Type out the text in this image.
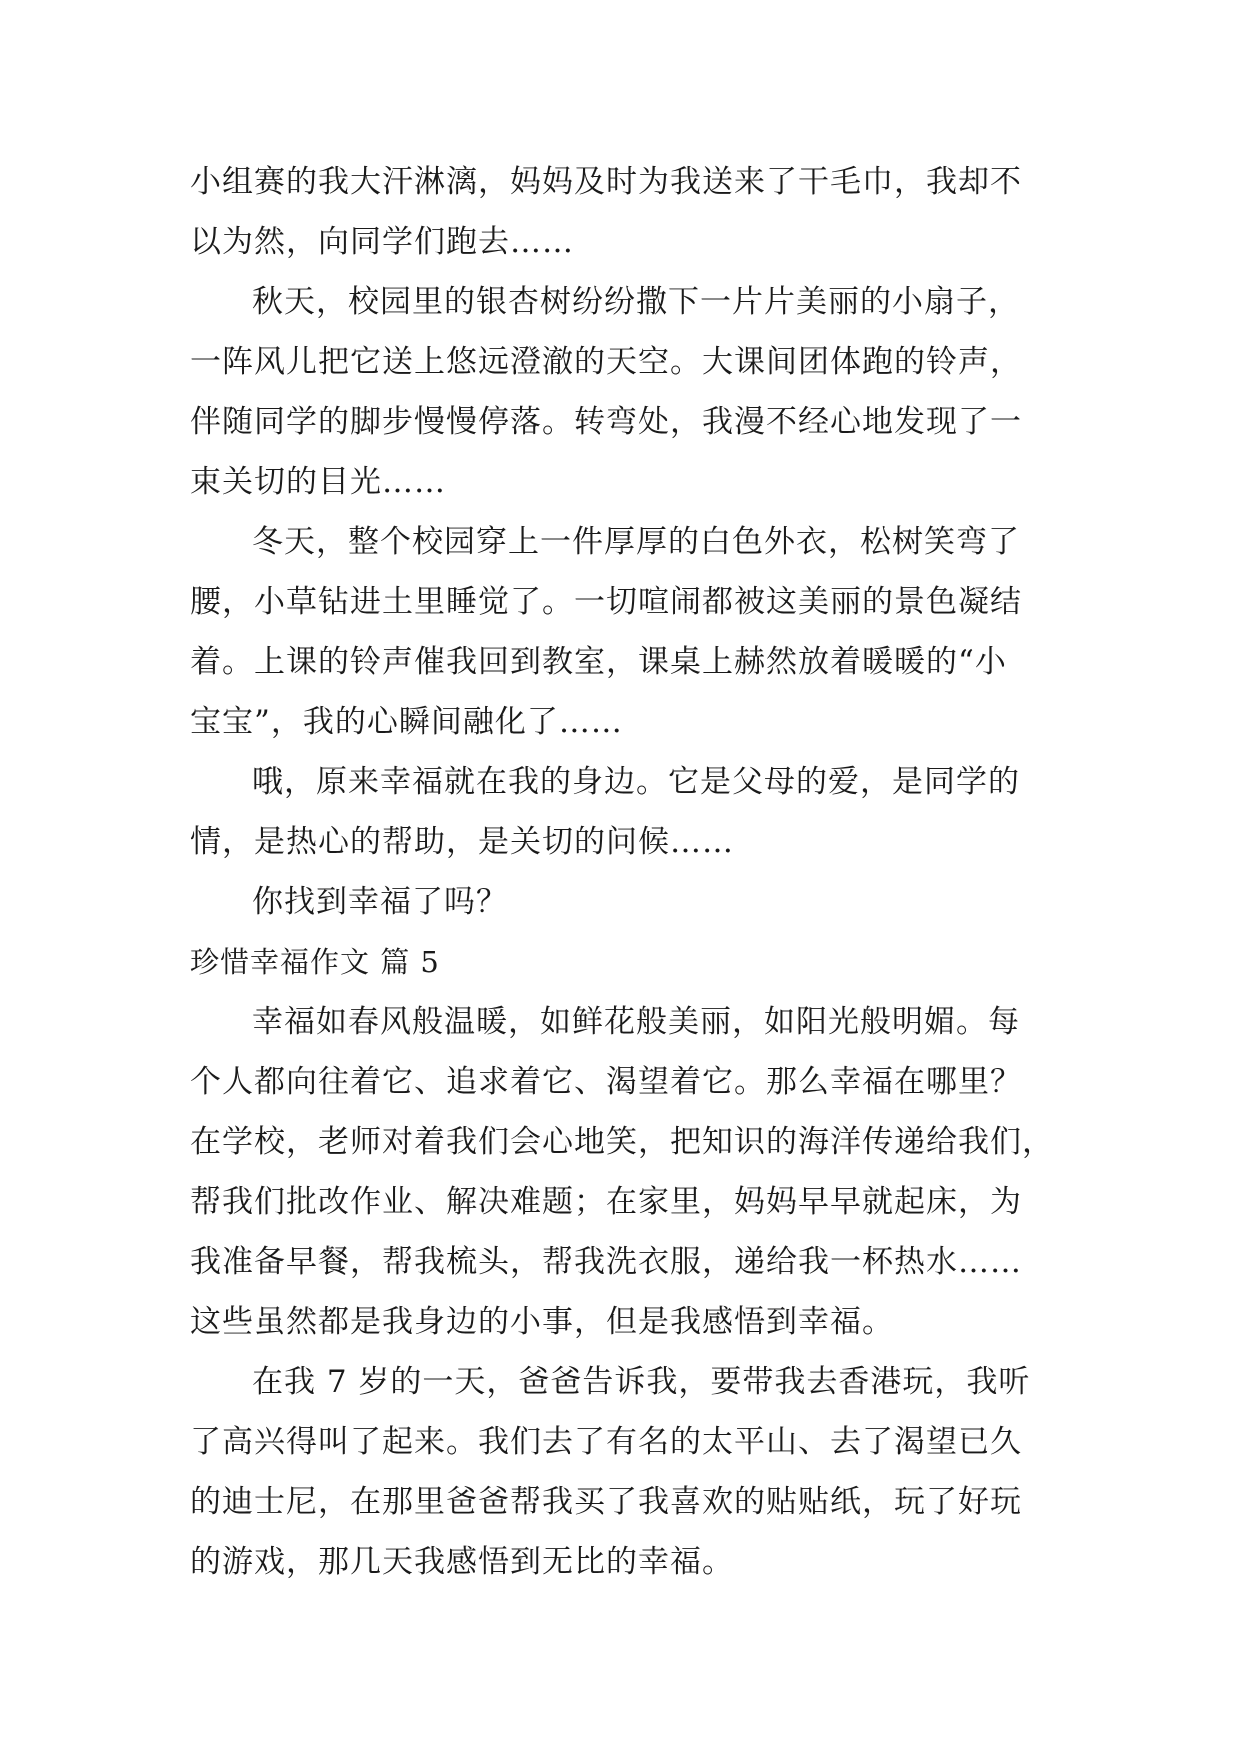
小组赛的我大汗淋漓，妈妈及时为我送来了干毛巾，我却不
以为然，向同学们跑去……
秋天，校园里的银杏树纷纷撒下一片片美丽的小扇子，
一阵风儿把它送上悠远澄澈的天空。大课间团体跑的铃声，
伴随同学的脚步慢慢停落。转弯处，我漫不经心地发现了一
束关切的目光……
冬天，整个校园穿上一件厚厚的白色外衣，松树笑弯了
腰，小草钻进土里睡觉了。一切喧闹都被这美丽的景色凝结
着。上课的铃声催我回到教室，课桌上赫然放着暖暖的“小
宝宝”，我的心瞬间融化了……
哦，原来幸福就在我的身边。它是父母的爱，是同学的
情，是热心的帮助，是关切的问候……
你找到幸福了吗？
珍惜幸福作文 篇 5
幸福如春风般温暖，如鲜花般美丽，如阳光般明媚。每
个人都向往着它、追求着它、渴望着它。那么幸福在哪里？
在学校，老师对着我们会心地笑，把知识的海洋传递给我们，
帮我们批改作业、解决难题；在家里，妈妈早早就起床，为
我准备早餐，帮我梳头，帮我洗衣服，递给我一杯热水……
这些虽然都是我身边的小事，但是我感悟到幸福。
在我 7 岁的一天，爸爸告诉我，要带我去香港玩，我听
了高兴得叫了起来。我们去了有名的太平山、去了渴望已久
的迪士尼，在那里爸爸帮我买了我喜欢的贴贴纸，玩了好玩
的游戏，那几天我感悟到无比的幸福。
